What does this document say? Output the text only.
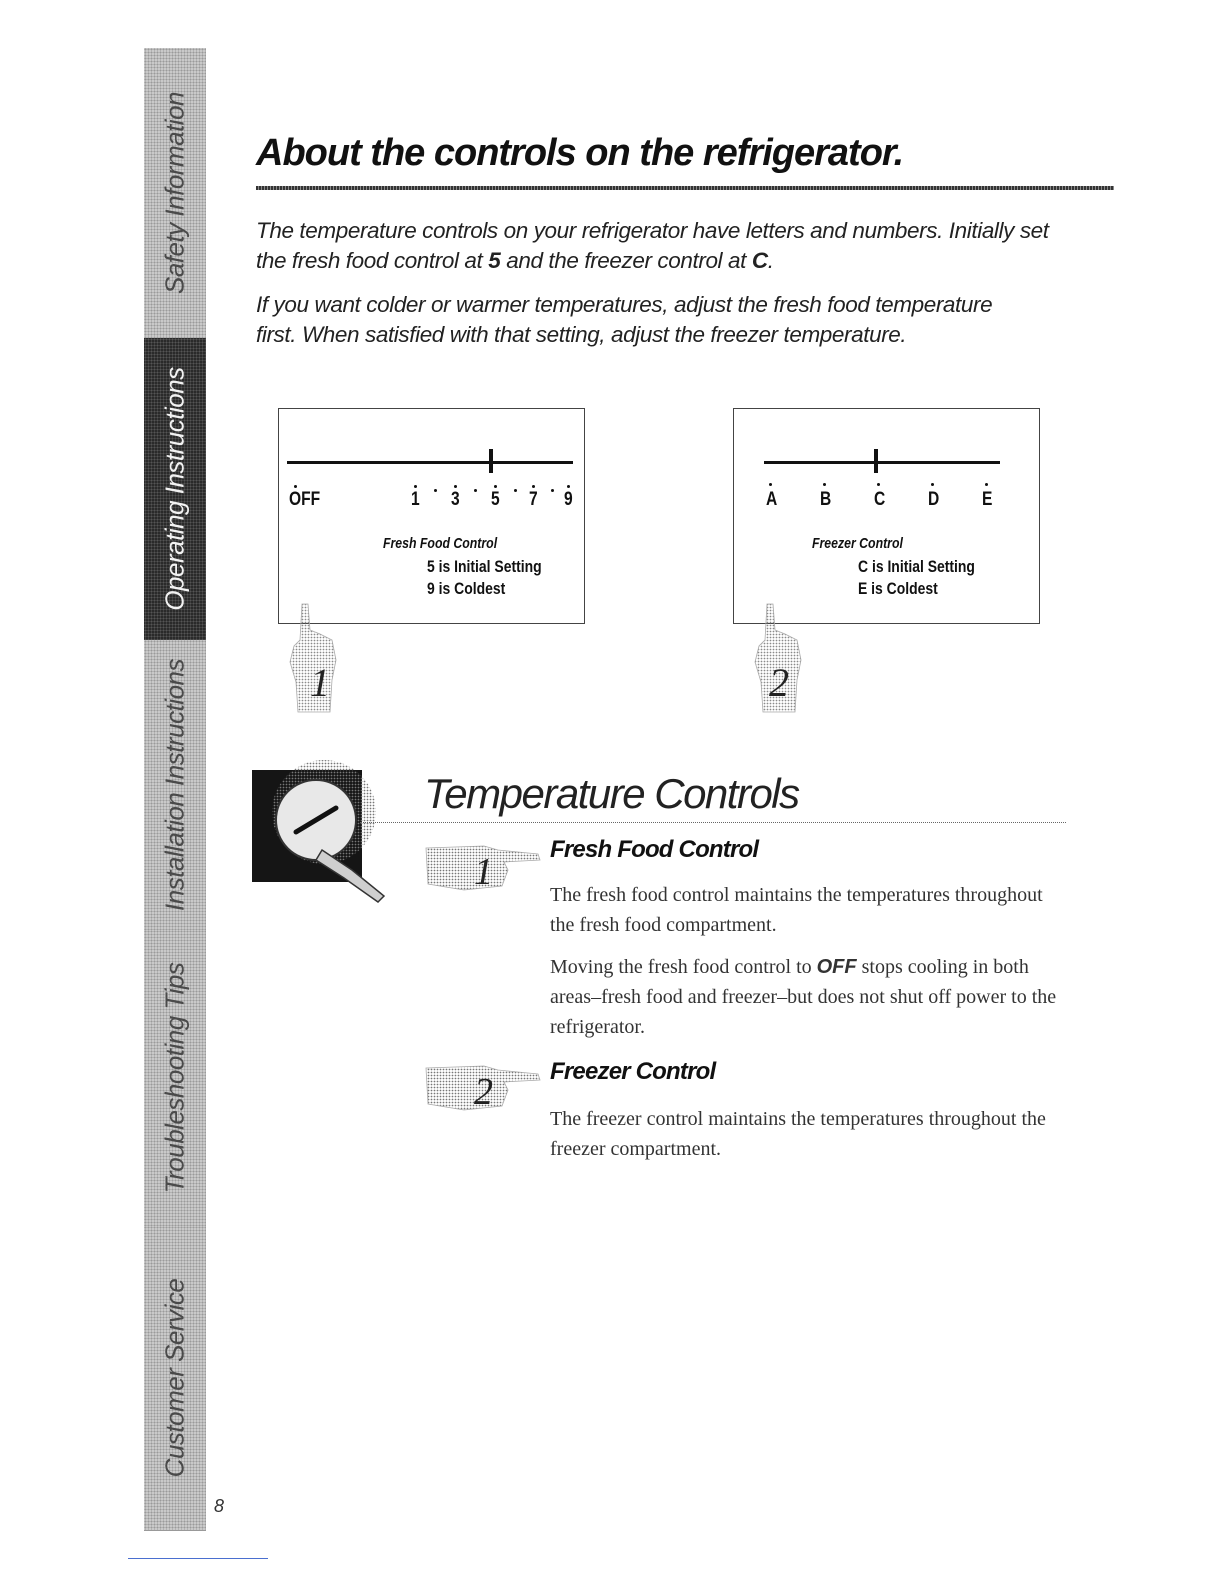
Safety Information
Operating Instructions
Installation Instructions
Troubleshooting Tips
Customer Service
8
About the controls on the refrigerator.

The temperature controls on your refrigerator have letters and numbers. Initially set the fresh food control at 5 and the freezer control at C.

If you want colder or warmer temperatures, adjust the fresh food temperature first. When satisfied with that setting, adjust the freezer temperature.

OFF	1 3 5 7 9
Fresh Food Control
5 is Initial Setting
9 is Coldest
A B C D E
Freezer Control
C is Initial Setting
E is Coldest
1	2
Temperature Controls
1
Fresh Food Control

The fresh food control maintains the temperatures throughout the fresh food compartment.

Moving the fresh food control to OFF stops cooling in both areas–fresh food and freezer–but does not shut off power to the refrigerator.

2 Freezer Control

The freezer control maintains the temperatures throughout the freezer compartment.
